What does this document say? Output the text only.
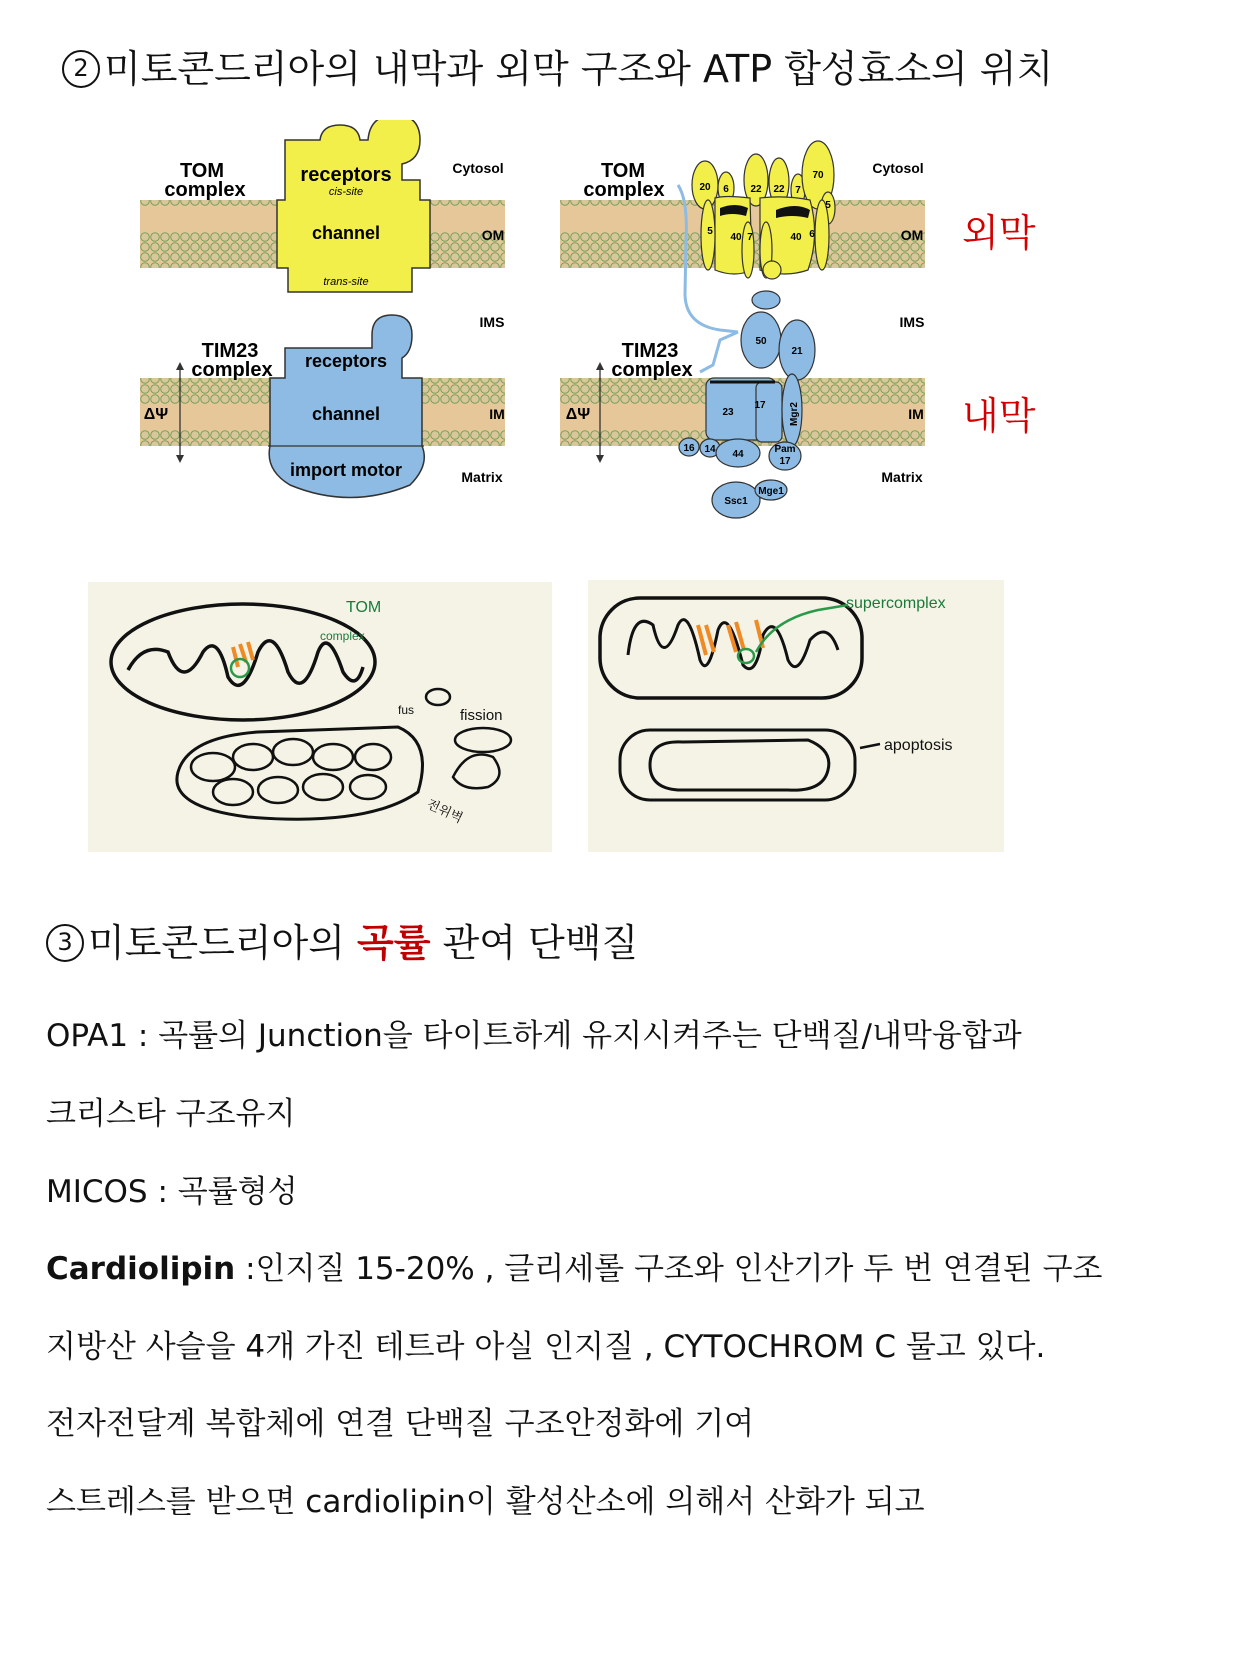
2 미토콘드리아의 내막과 외막 구조와 ATP 합성효소의 위치
TOM
complex
receptors
cis-site
channel
trans-site
Cytosol
OM
IMS
TIM23
complex receptors
channel
import motor
ΔΨ	IM
Matrix
TOM
complex
Cytosol
OM
IMS
TIM23
complex
ΔΨ	IM
Matrix
20 6 22 22 7
70
5
5
40 7	40 6
50
21
23
17 Mgr2
16 14 44	Pam
17
Ssc1
Mge1
외막
내막
TOM
complex
fission
fus
전위벽
supercomplex
apoptosis
3 미토콘드리아의 곡률 관여 단백질
OPA1 : 곡률의 Junction을 타이트하게 유지시켜주는 단백질/내막융합과
크리스타 구조유지
MICOS : 곡률형성
Cardiolipin :인지질 15-20% , 글리세롤 구조와 인산기가 두 번 연결된 구조
지방산 사슬을 4개 가진 테트라 아실 인지질 , CYTOCHROM C 물고 있다.
전자전달계 복합체에 연결 단백질 구조안정화에 기여
스트레스를 받으면 cardiolipin이 활성산소에 의해서 산화가 되고
